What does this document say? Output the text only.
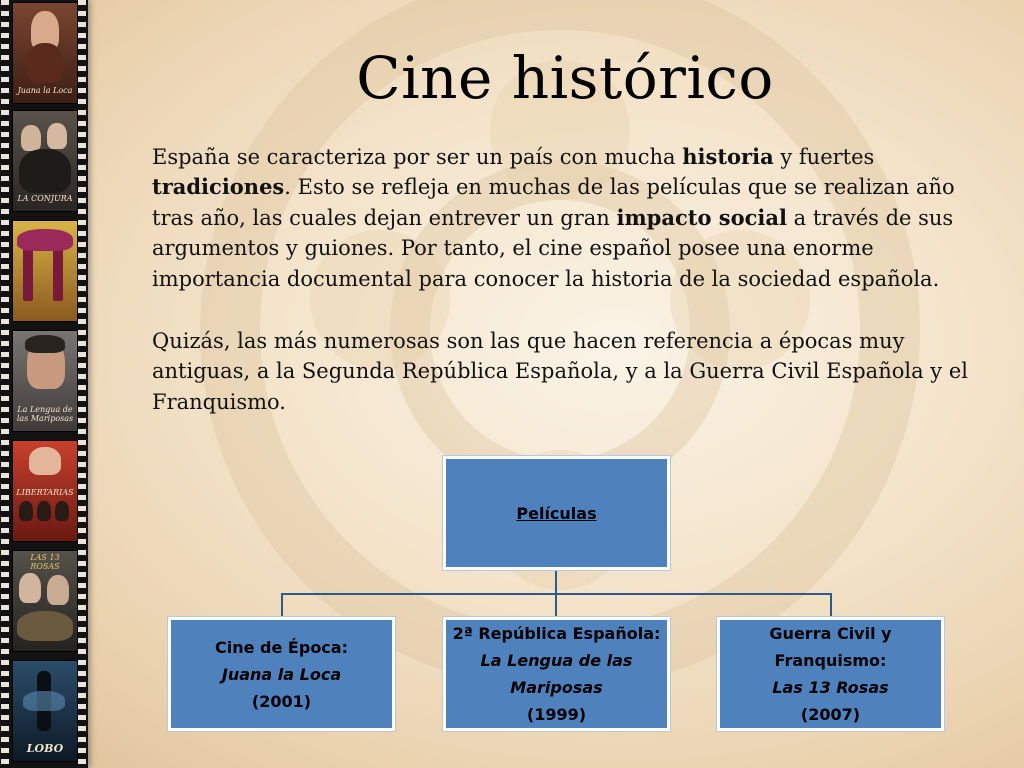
Juana la Loca
LA CONJURA
La Lengua de las Mariposas
LIBERTARIAS
LAS 13 ROSAS
LOBO
Cine histórico

España se caracteriza por ser un país con mucha historia y fuertes tradiciones. Esto se refleja en muchas de las películas que se realizan año tras año, las cuales dejan entrever un gran impacto social a través de sus argumentos y guiones. Por tanto, el cine español posee una enorme importancia documental para conocer la historia de la sociedad española.

Quizás, las más numerosas son las que hacen referencia a épocas muy antiguas, a la Segunda República Española, y a la Guerra Civil Española y el Franquismo.

Películas
Cine de Época:
Juana la Loca
(2001)
2ª República Española:
La Lengua de las
Mariposas
(1999)
Guerra Civil y
Franquismo:
Las 13 Rosas
(2007)
